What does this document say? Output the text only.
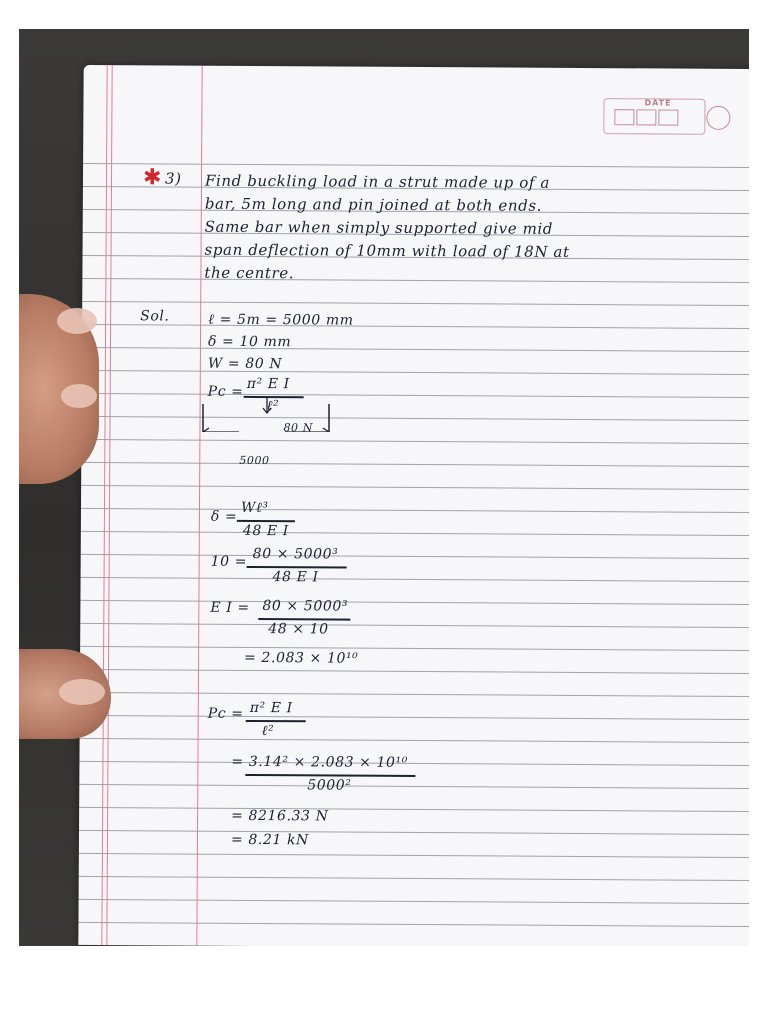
DATE
✱ 3) Find buckling load in a strut made up of a
bar, 5m long and pin joined at both ends.
Same bar when simply supported give mid
span deflection of 10mm with load of 18N at
the centre.
Sol.	ℓ = 5m = 5000 mm
δ = 10 mm
W = 80 N
Pc = π² E I
ℓ²
80 N
5000
δ =
Wℓ³
48 E I
10 = 80 × 5000³
48 E I
E I = 80 × 5000³
48 × 10
= 2.083 × 10¹⁰
Pc = π² E I
ℓ²
= 3.14² × 2.083 × 10¹⁰
5000²
= 8216.33 N
= 8.21 kN
